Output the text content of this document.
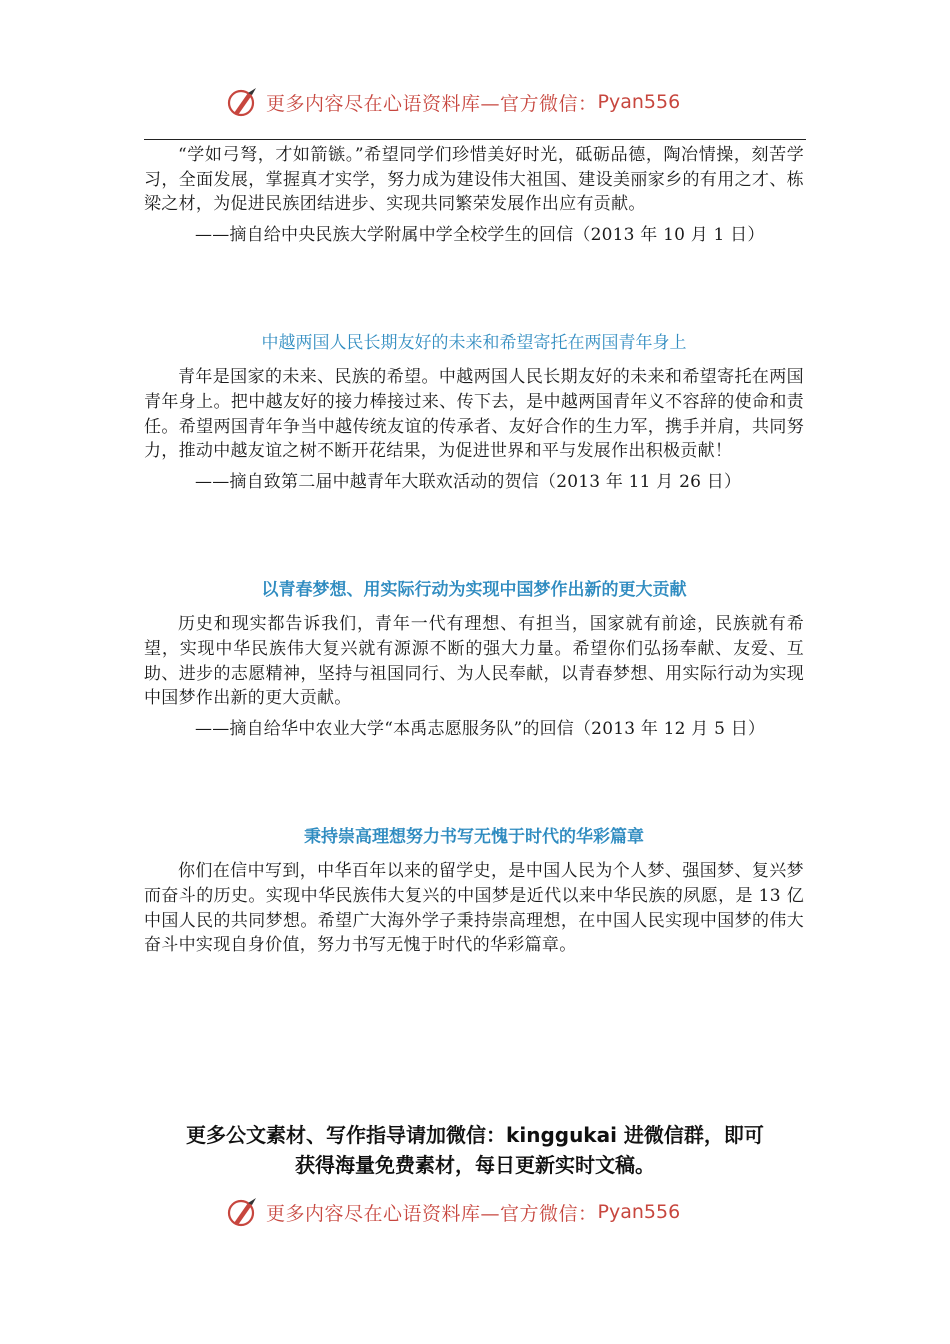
更多内容尽在心语资料库—官方微信： Pyan556

“学如弓弩，才如箭镞。”希望同学们珍惜美好时光，砥砺品德，陶冶情操，刻苦学习，全面发展，掌握真才实学，努力成为建设伟大祖国、建设美丽家乡的有用之才、栋梁之材，为促进民族团结进步、实现共同繁荣发展作出应有贡献。

——摘自给中央民族大学附属中学全校学生的回信（2013 年 10 月 1 日）

中越两国人民长期友好的未来和希望寄托在两国青年身上

青年是国家的未来、民族的希望。中越两国人民长期友好的未来和希望寄托在两国青年身上。把中越友好的接力棒接过来、传下去，是中越两国青年义不容辞的使命和责任。希望两国青年争当中越传统友谊的传承者、友好合作的生力军，携手并肩，共同努力，推动中越友谊之树不断开花结果，为促进世界和平与发展作出积极贡献！

——摘自致第二届中越青年大联欢活动的贺信（2013 年 11 月 26 日）

以青春梦想、用实际行动为实现中国梦作出新的更大贡献

历史和现实都告诉我们，青年一代有理想、有担当，国家就有前途，民族就有希望，实现中华民族伟大复兴就有源源不断的强大力量。希望你们弘扬奉献、友爱、互助、进步的志愿精神，坚持与祖国同行、为人民奉献，以青春梦想、用实际行动为实现中国梦作出新的更大贡献。

——摘自给华中农业大学“本禹志愿服务队”的回信（2013 年 12 月 5 日）

秉持崇高理想努力书写无愧于时代的华彩篇章

你们在信中写到，中华百年以来的留学史，是中国人民为个人梦、强国梦、复兴梦而奋斗的历史。实现中华民族伟大复兴的中国梦是近代以来中华民族的夙愿，是 13 亿中国人民的共同梦想。希望广大海外学子秉持崇高理想，在中国人民实现中国梦的伟大奋斗中实现自身价值，努力书写无愧于时代的华彩篇章。

更多公文素材、写作指导请加微信：kinggukai 进微信群，即可
获得海量免费素材，每日更新实时文稿。
更多内容尽在心语资料库—官方微信： Pyan556
